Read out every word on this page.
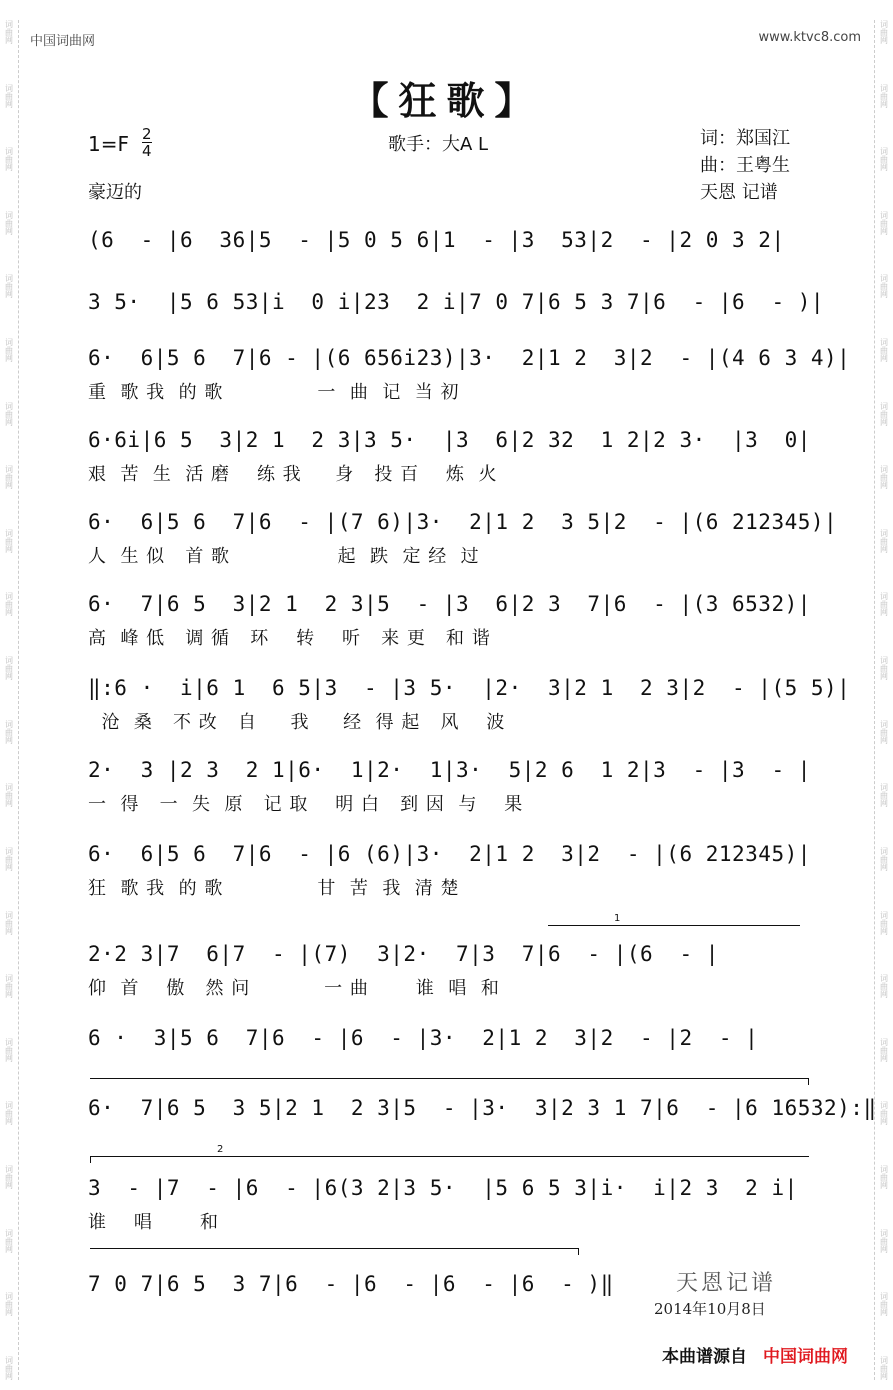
词曲网
词曲网
词曲网
词曲网
词曲网
词曲网
词曲网
词曲网
词曲网
词曲网
词曲网
词曲网
词曲网
词曲网
词曲网
词曲网
词曲网
词曲网
词曲网
词曲网
词曲网
词曲网
词曲网
词曲网
词曲网
词曲网
词曲网
词曲网
词曲网
词曲网
词曲网
词曲网
词曲网
词曲网
词曲网
词曲网
词曲网
词曲网
词曲网
词曲网
词曲网
词曲网
词曲网
词曲网
中国词曲网	www.ktvc8.com
【狂歌】
1=F 2
4	歌手：大A L	词：郑国江
曲：王粤生
天恩 记谱
豪迈的
(6  - |6  36|5  - |5 0 5 6|1  - |3  53|2  - |2 0 3 2|
3 5·  |5 6 53|i  0 i|23  2 i|7 0 7|6 5 3 7|6  - |6  - )|
6·  6|5 6  7|6 - |(6 656i23)|3·  2|1 2  3|2  - |(4 6 3 4)|
重  歌 我  的 歌              一  曲  记  当 初
6·6i|6 5  3|2 1  2 3|3 5·  |3  6|2 32  1 2|2 3·  |3  0|
艰  苦  生  活 磨    练 我     身   投 百    炼  火
6·  6|5 6  7|6  - |(7 6)|3·  2|1 2  3 5|2  - |(6 212345)|
人  生 似   首 歌                起  跌  定 经  过
6·  7|6 5  3|2 1  2 3|5  - |3  6|2 3  7|6  - |(3 6532)|
高  峰 低   调 循   环    转    听   来 更   和 谐
‖:6 ·  i|6 1  6 5|3  - |3 5·  |2·  3|2 1  2 3|2  - |(5 5)|
沧  桑   不 改   自     我     经  得 起   风    波
2·  3 |2 3  2 1|6·  1|2·  1|3·  5|2 6  1 2|3  - |3  - |
一  得   一  失  原   记 取    明 白   到 因  与    果
6·  6|5 6  7|6  - |6 (6)|3·  2|1 2  3|2  - |(6 212345)|
狂  歌 我  的 歌              甘  苦  我  清 楚
2·2 3|7  6|7  - |(7)  3|2·  7|3  7|6  - |(6  - |
仰  首    傲   然 问           一 曲       谁  唱  和
6 ·  3|5 6  7|6  - |6  - |3·  2|1 2  3|2  - |2  - |
6·  7|6 5  3 5|2 1  2 3|5  - |3·  3|2 3 1 7|6  - |6 16532):‖
3  - |7  - |6  - |6(3 2|3 5·  |5 6 5 3|i·  i|2 3  2 i|
谁    唱       和
7 0 7|6 5  3 7|6  - |6  - |6  - |6  - )‖
1
2
天恩记谱
2014年10月8日
本曲谱源自 中国词曲网
